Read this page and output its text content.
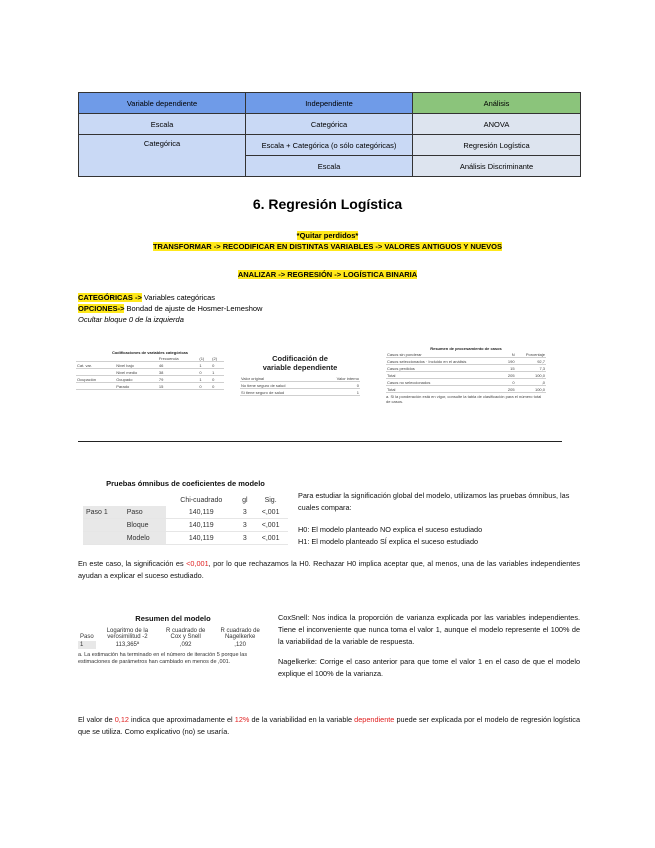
Variable dependiente	Independiente	Análisis
Escala	Categórica	ANOVA
Categórica	Escala + Categórica (o sólo categóricas)	Regresión Logística
	Escala	Análisis Discriminante
6. Regresión Logística
*Quitar perdidos*
TRANSFORMAR -> RECODIFICAR EN DISTINTAS VARIABLES -> VALORES ANTIGUOS Y NUEVOS
ANALIZAR -> REGRESIÓN -> LOGÍSTICA BINARIA
CATEGÓRICAS -> Variables categóricas
OPCIONES-> Bondad de ajuste de Hosmer-Lemeshow
Ocultar bloque 0 de la izquierda
Codificaciones de variables categóricas
		Frecuencia	(1)	(2)
Cat. var.	Nivel bajo	46	1	0
	Nivel medio	38	0	1
Ocupación	Ocupado	79	1	0
	Parado	15	0	0
Codificación de variable dependiente
Valor original	Valor interno
No tiene seguro de salud	0
Sí tiene seguro de salud	1
Resumen de procesamiento de casos
Casos sin ponderar	N	Porcentaje
Casos seleccionados · Incluido en el análisis	190	92,7
Casos perdidos	15	7,3
Total	205	100,0
Casos no seleccionados	0	,0
Total	205	100,0
a. Si la ponderación está en vigor, consulte la tabla de clasificación para el número total de casos.
Pruebas ómnibus de coeficientes de modelo
		Chi-cuadrado	gl	Sig.
Paso 1	Paso	140,119	3	<,001
	Bloque	140,119	3	<,001
	Modelo	140,119	3	<,001
Para estudiar la significación global del modelo, utilizamos las pruebas ómnibus, las cuales compara:
H0: El modelo planteado NO explica el suceso estudiado
H1: El modelo planteado SÍ explica el suceso estudiado
En este caso, la significación es <0,001, por lo que rechazamos la H0. Rechazar H0 implica aceptar que, al menos, una de las variables independientes ayudan a explicar el suceso estudiado.
Resumen del modelo
Paso	Logaritmo de la verosimilitud -2	R cuadrado de Cox y Snell	R cuadrado de Nagelkerke
1	113,365ª	,092	,120
a. La estimación ha terminado en el número de iteración 5 porque las estimaciones de parámetros han cambiado en menos de ,001.
CoxSnell: Nos indica la proporción de varianza explicada por las variables independientes. Tiene el inconveniente que nunca toma el valor 1, aunque el modelo represente el 100% de la variabilidad de la variable de respuesta.
Nagelkerke: Corrige el caso anterior para que tome el valor 1 en el caso de que el modelo explique el 100% de la varianza.
El valor de 0,12 indica que aproximadamente el 12% de la variabilidad en la variable dependiente puede ser explicada por el modelo de regresión logística que se utiliza. Como explicativo (no) se usaría.
